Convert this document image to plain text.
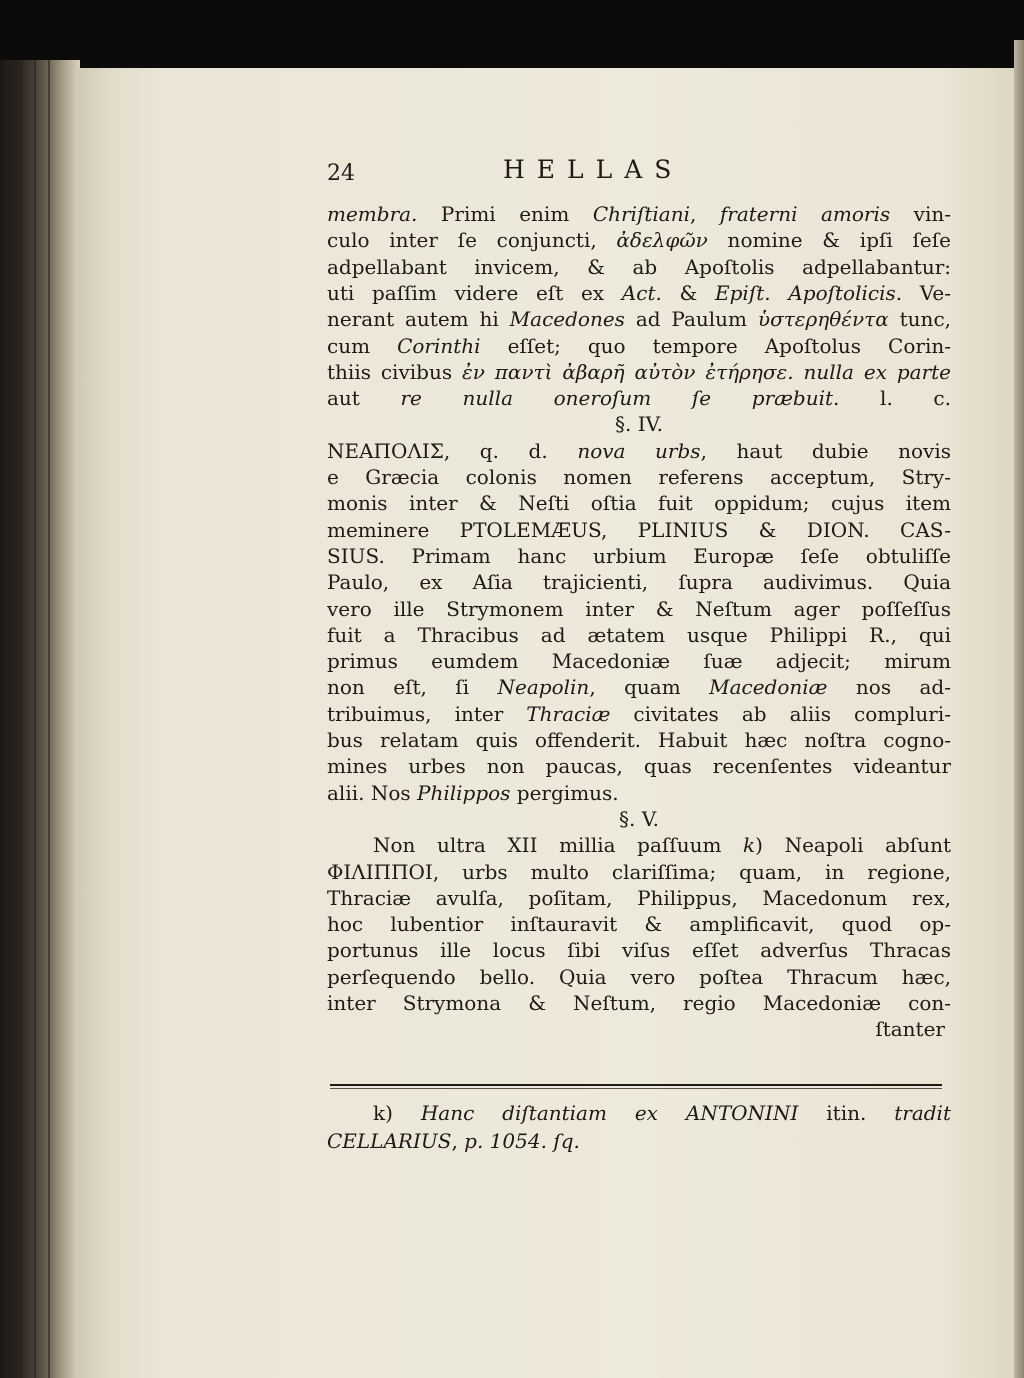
24	HELLAS
membra. Primi enim Chriſtiani, fraterni amoris vin-
culo inter ſe conjuncti, ἀδελφῶν nomine & ipſi ſeſe
adpellabant invicem, & ab Apoſtolis adpellabantur:
uti paſſim videre eſt ex Act. & Epiſt. Apoſtolicis. Ve-
nerant autem hi Macedones ad Paulum ὑστερηθέντα tunc,
cum Corinthi eſſet; quo tempore Apoſtolus Corin-
thiis civibus ἐν παντὶ ἀβαρῆ αὐτὸν ἐτήρησε. nulla ex parte
aut re nulla oneroſum ſe præbuit. l. c.
§. IV.
ΝΕΑΠΟΛΙΣ, q. d. nova urbs, haut dubie novis
e Græcia colonis nomen referens acceptum, Stry-
monis inter & Neſti oſtia fuit oppidum; cujus item
meminere PTOLEMÆUS, PLINIUS & DION. CAS-
SIUS. Primam hanc urbium Europæ ſeſe obtuliſſe
Paulo, ex Aſia trajicienti, ſupra audivimus. Quia
vero ille Strymonem inter & Neſtum ager poſſeſſus
fuit a Thracibus ad ætatem usque Philippi R., qui
primus eumdem Macedoniæ ſuæ adjecit; mirum
non eſt, ſi Neapolin, quam Macedoniæ nos ad-
tribuimus, inter Thraciæ civitates ab aliis compluri-
bus relatam quis offenderit. Habuit hæc noſtra cogno-
mines urbes non paucas, quas recenſentes videantur
alii. Nos Philippos pergimus.
§. V.
Non ultra XII millia paſſuum k) Neapoli abſunt
ΦΙΛΙΠΠΟΙ, urbs multo clariſſima; quam, in regione,
Thraciæ avulſa, poſitam, Philippus, Macedonum rex,
hoc lubentior inſtauravit & amplificavit, quod op-
portunus ille locus ſibi viſus eſſet adverſus Thracas
perſequendo bello. Quia vero poſtea Thracum hæc,
inter Strymona & Neſtum, regio Macedoniæ con-
ſtanter
k) Hanc diſtantiam ex ANTONINI itin. tradit
CELLARIUS, p. 1054. ſq.
